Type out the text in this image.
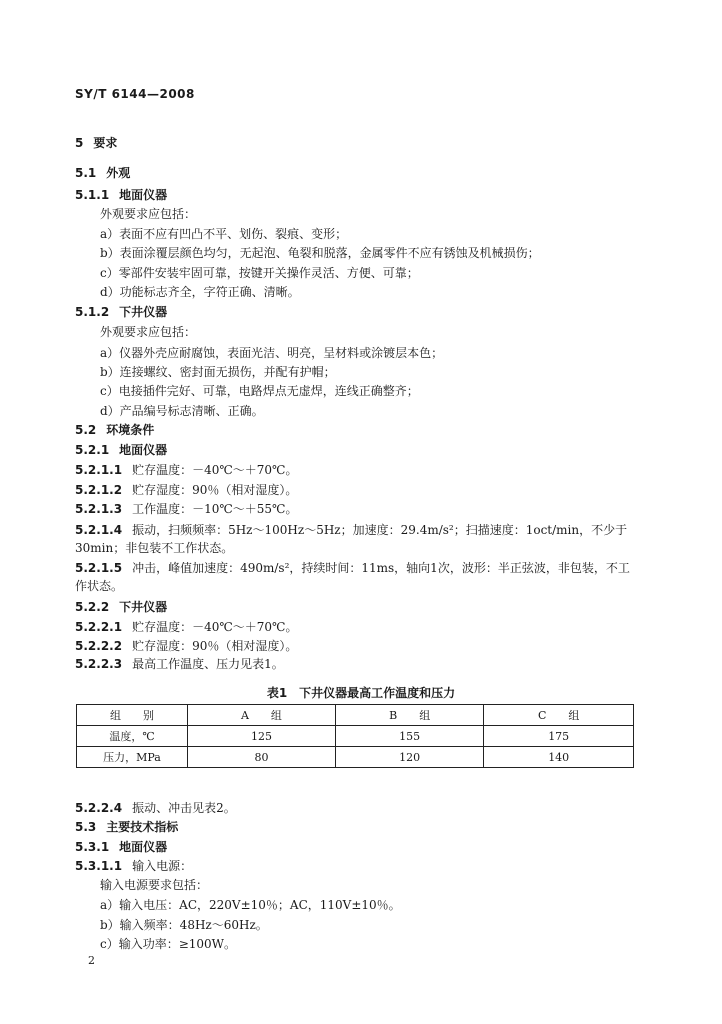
SY/T 6144—2008
5 要求
5.1 外观
5.1.1 地面仪器
外观要求应包括：
a）表面不应有凹凸不平、划伤、裂痕、变形；
b）表面涂覆层颜色均匀，无起泡、龟裂和脱落，金属零件不应有锈蚀及机械损伤；
c）零部件安装牢固可靠，按键开关操作灵活、方便、可靠；
d）功能标志齐全，字符正确、清晰。
5.1.2 下井仪器
外观要求应包括：
a）仪器外壳应耐腐蚀，表面光洁、明亮，呈材料或涂镀层本色；
b）连接螺纹、密封面无损伤，并配有护帽；
c）电接插件完好、可靠，电路焊点无虚焊，连线正确整齐；
d）产品编号标志清晰、正确。
5.2 环境条件
5.2.1 地面仪器
5.2.1.1 贮存温度：－40℃～＋70℃。
5.2.1.2 贮存湿度：90％（相对湿度）。
5.2.1.3 工作温度：－10℃～＋55℃。
5.2.1.4 振动，扫频频率：5Hz～100Hz～5Hz；加速度：29.4m/s²；扫描速度：1oct/min，不少于30min；非包装不工作状态。
5.2.1.5 冲击，峰值加速度：490m/s²，持续时间：11ms，轴向1次，波形：半正弦波，非包装，不工作状态。
5.2.2 下井仪器
5.2.2.1 贮存温度：－40℃～＋70℃。
5.2.2.2 贮存湿度：90％（相对湿度）。
5.2.2.3 最高工作温度、压力见表1。
表1　下井仪器最高工作温度和压力
组　　别	A　　组	B　　组	C　　组
温度，℃	125	155	175
压力，MPa	80	120	140
5.2.2.4 振动、冲击见表2。
5.3 主要技术指标
5.3.1 地面仪器
5.3.1.1 输入电源：
输入电源要求包括：
a）输入电压：AC，220V±10％；AC，110V±10％。
b）输入频率：48Hz～60Hz。
c）输入功率：≥100W。
2
